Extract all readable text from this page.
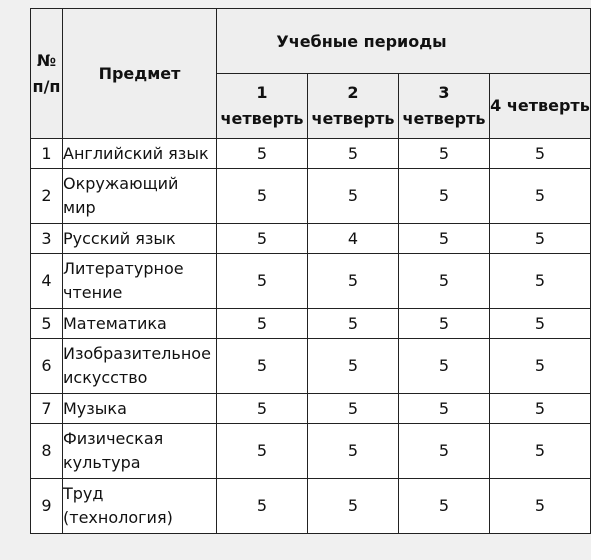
№ п/п	Предмет	Учебные периоды			
		1 четверть	2 четверть	3 четверть	4 четверть
1	Английский язык	5	5	5	5
2	Окружающий мир	5	5	5	5
3	Русский язык	5	4	5	5
4	Литературное чтение	5	5	5	5
5	Математика	5	5	5	5
6	Изобразительное искусство	5	5	5	5
7	Музыка	5	5	5	5
8	Физическая культура	5	5	5	5
9	Труд (технология)	5	5	5	5
